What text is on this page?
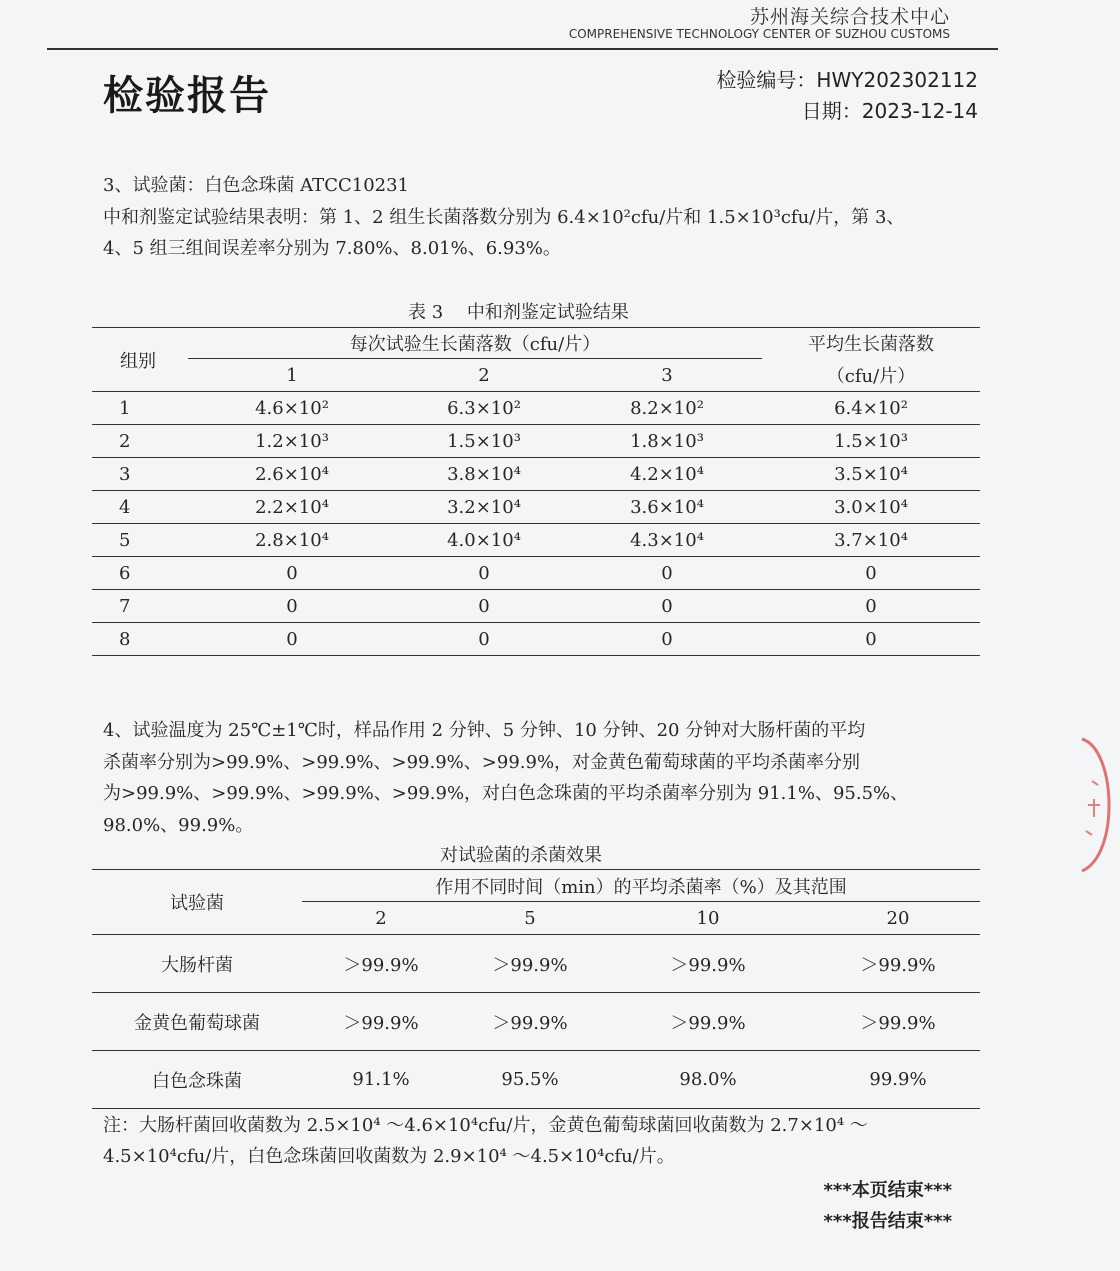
苏州海关综合技术中心
COMPREHENSIVE TECHNOLOGY CENTER OF SUZHOU CUSTOMS
检验报告	检验编号：HWY202302112
日期：2023-12-14
3、试验菌：白色念珠菌 ATCC10231
中和剂鉴定试验结果表明：第 1、2 组生长菌落数分别为 6.4×10²cfu/片和 1.5×10³cfu/片，第 3、
4、5 组三组间误差率分别为 7.80%、8.01%、6.93%。
表 3　 中和剂鉴定试验结果
组别	每次试验生长菌落数（cfu/片）			平均生长菌落数
	1	2	3	（cfu/片）
1	4.6×10²	6.3×10²	8.2×10²	6.4×10²
2	1.2×10³	1.5×10³	1.8×10³	1.5×10³
3	2.6×10⁴	3.8×10⁴	4.2×10⁴	3.5×10⁴
4	2.2×10⁴	3.2×10⁴	3.6×10⁴	3.0×10⁴
5	2.8×10⁴	4.0×10⁴	4.3×10⁴	3.7×10⁴
6	0	0	0	0
7	0	0	0	0
8	0	0	0	0
4、试验温度为 25℃±1℃时，样品作用 2 分钟、5 分钟、10 分钟、20 分钟对大肠杆菌的平均
杀菌率分别为>99.9%、>99.9%、>99.9%、>99.9%，对金黄色葡萄球菌的平均杀菌率分别
为>99.9%、>99.9%、>99.9%、>99.9%，对白色念珠菌的平均杀菌率分别为 91.1%、95.5%、
98.0%、99.9%。
对试验菌的杀菌效果
试验菌	作用不同时间（min）的平均杀菌率（%）及其范围			
	2	5	10	20
大肠杆菌	＞99.9%	＞99.9%	＞99.9%	＞99.9%
金黄色葡萄球菌	＞99.9%	＞99.9%	＞99.9%	＞99.9%
白色念珠菌	91.1%	95.5%	98.0%	99.9%
注：大肠杆菌回收菌数为 2.5×10⁴ ～4.6×10⁴cfu/片，金黄色葡萄球菌回收菌数为 2.7×10⁴ ～
4.5×10⁴cfu/片，白色念珠菌回收菌数为 2.9×10⁴ ～4.5×10⁴cfu/片。
***本页结束***
***报告结束***
